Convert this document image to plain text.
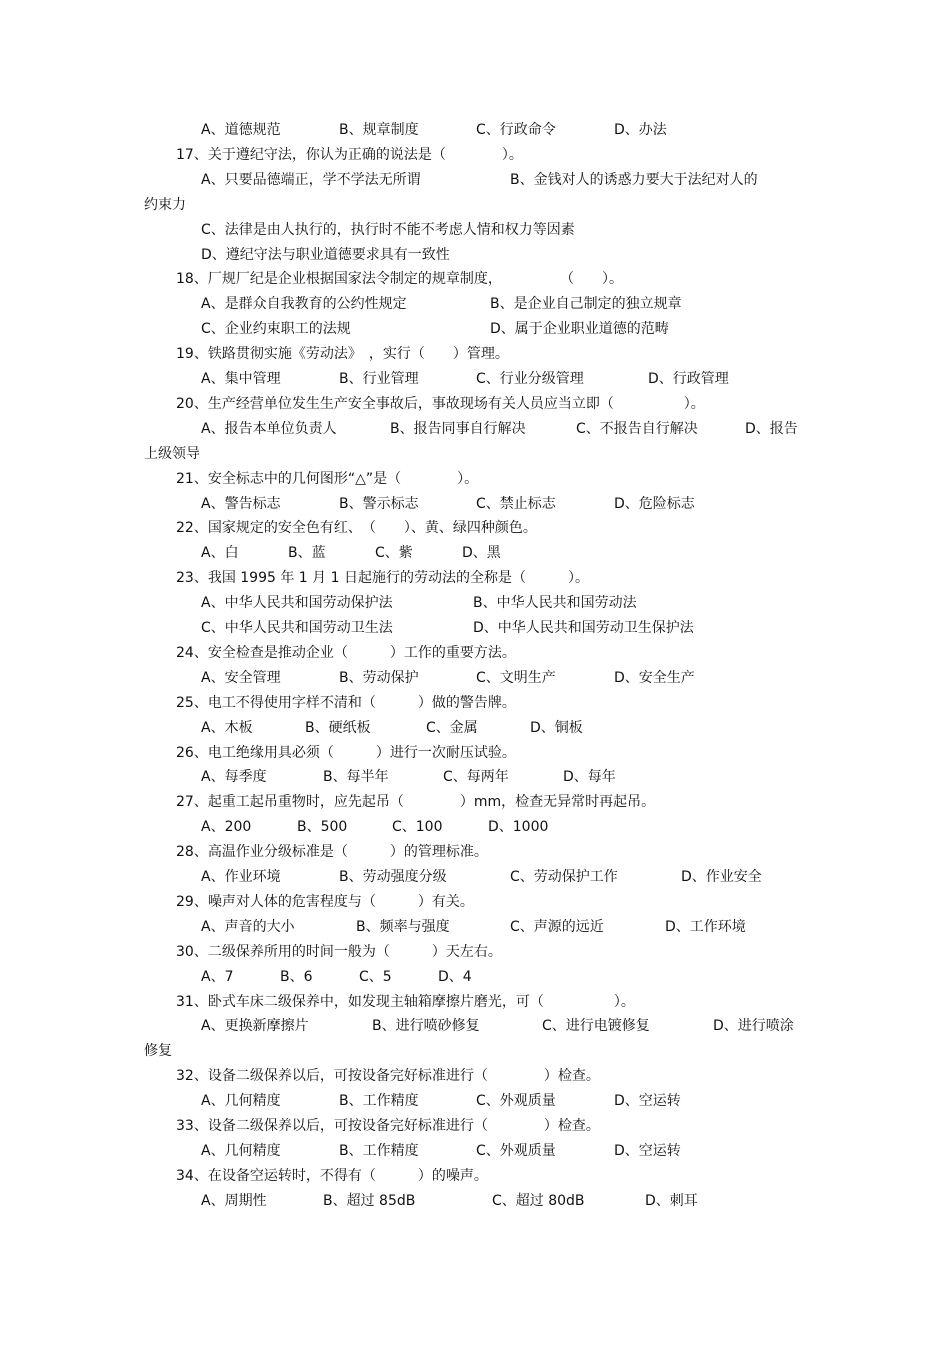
A、道德规范	B、规章制度	C、行政命令	D、办法
17、关于遵纪守法，你认为正确的说法是（　　　　）。
A、只要品德端正，学不学法无所谓	B、金钱对人的诱惑力要大于法纪对人的
约束力
C、法律是由人执行的，执行时不能不考虑人情和权力等因素
D、遵纪守法与职业道德要求具有一致性
18、厂规厂纪是企业根据国家法令制定的规章制度，	（　　）。
A、是群众自我教育的公约性规定	B、是企业自己制定的独立规章
C、企业约束职工的法规	D、属于企业职业道德的范畴
19、铁路贯彻实施《劳动法》　，实行（　　）管理。
A、集中管理	B、行业管理	C、行业分级管理	D、行政管理
20、生产经营单位发生生产安全事故后，事故现场有关人员应当立即（　　　　　）。
A、报告本单位负责人	B、报告同事自行解决	C、不报告自行解决	D、报告
上级领导
21、安全标志中的几何图形“△”是（　　　　）。
A、警告标志	B、警示标志	C、禁止标志	D、危险标志
22、国家规定的安全色有红、　（　　）、黄、绿四种颜色。
A、白	B、蓝	C、紫	D、黑
23、我国 1995 年 1 月 1 日起施行的劳动法的全称是（　　　）。
A、中华人民共和国劳动保护法	B、中华人民共和国劳动法
C、中华人民共和国劳动卫生法	D、中华人民共和国劳动卫生保护法
24、安全检查是推动企业（　　　）工作的重要方法。
A、安全管理	B、劳动保护	C、文明生产	D、安全生产
25、电工不得使用字样不清和（　　　）做的警告牌。
A、木板	B、硬纸板	C、金属	D、铜板
26、电工绝缘用具必须（　　　）进行一次耐压试验。
A、每季度	B、每半年	C、每两年	D、每年
27、起重工起吊重物时，应先起吊（　　　　）mm，检查无异常时再起吊。
A、200	B、500	C、100	D、1000
28、高温作业分级标准是（　　　）的管理标准。
A、作业环境	B、劳动强度分级	C、劳动保护工作	D、作业安全
29、噪声对人体的危害程度与（　　　）有关。
A、声音的大小	B、频率与强度	C、声源的远近	D、工作环境
30、二级保养所用的时间一般为（　　　）天左右。
A、7	B、6	C、5	D、4
31、卧式车床二级保养中，如发现主轴箱摩擦片磨光，可（　　　　　）。
A、更换新摩擦片	B、进行喷砂修复	C、进行电镀修复	D、进行喷涂
修复
32、设备二级保养以后，可按设备完好标准进行（　　　　）检查。
A、几何精度	B、工作精度	C、外观质量	D、空运转
33、设备二级保养以后，可按设备完好标准进行（　　　　）检查。
A、几何精度	B、工作精度	C、外观质量	D、空运转
34、在设备空运转时，不得有（　　　）的噪声。
A、周期性	B、超过 85dB	C、超过 80dB	D、刺耳
